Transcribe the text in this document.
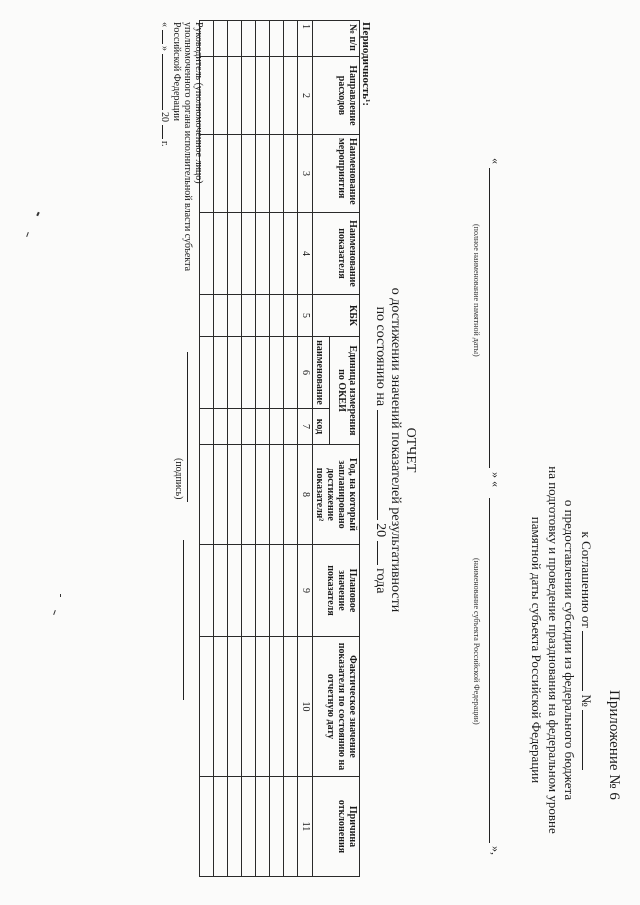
Приложение № 6
к Соглашению от  №
о предоставлении субсидии из федерального бюджета
на подготовку и проведение празднования на федеральном уровне
памятной даты субъекта Российской Федерации
«
» «
»,
(полное наименование памятной даты)
(наименование субъекта Российской Федерации)
ОТЧЕТ
о достижении значений показателей результативности
по состоянию на  20  года
Периодичность¹:
№ п/п	Направление расходов	Наименование мероприятия	Наименование показателя	КБК	Единица измерения по ОКЕИ		Год, на который запланировано достижение показателя²	Плановое значение показателя	Фактическое значение показателя по состоянию на отчетную дату	Причина отклонения
					наименование	код				
1	2	3	4	5	6	7	8	9	10	11

Руководитель (уполномоченное лицо)
уполномоченного органа исполнительной власти субъекта
Российской Федерации
«  »  20  г.
(подпись)
